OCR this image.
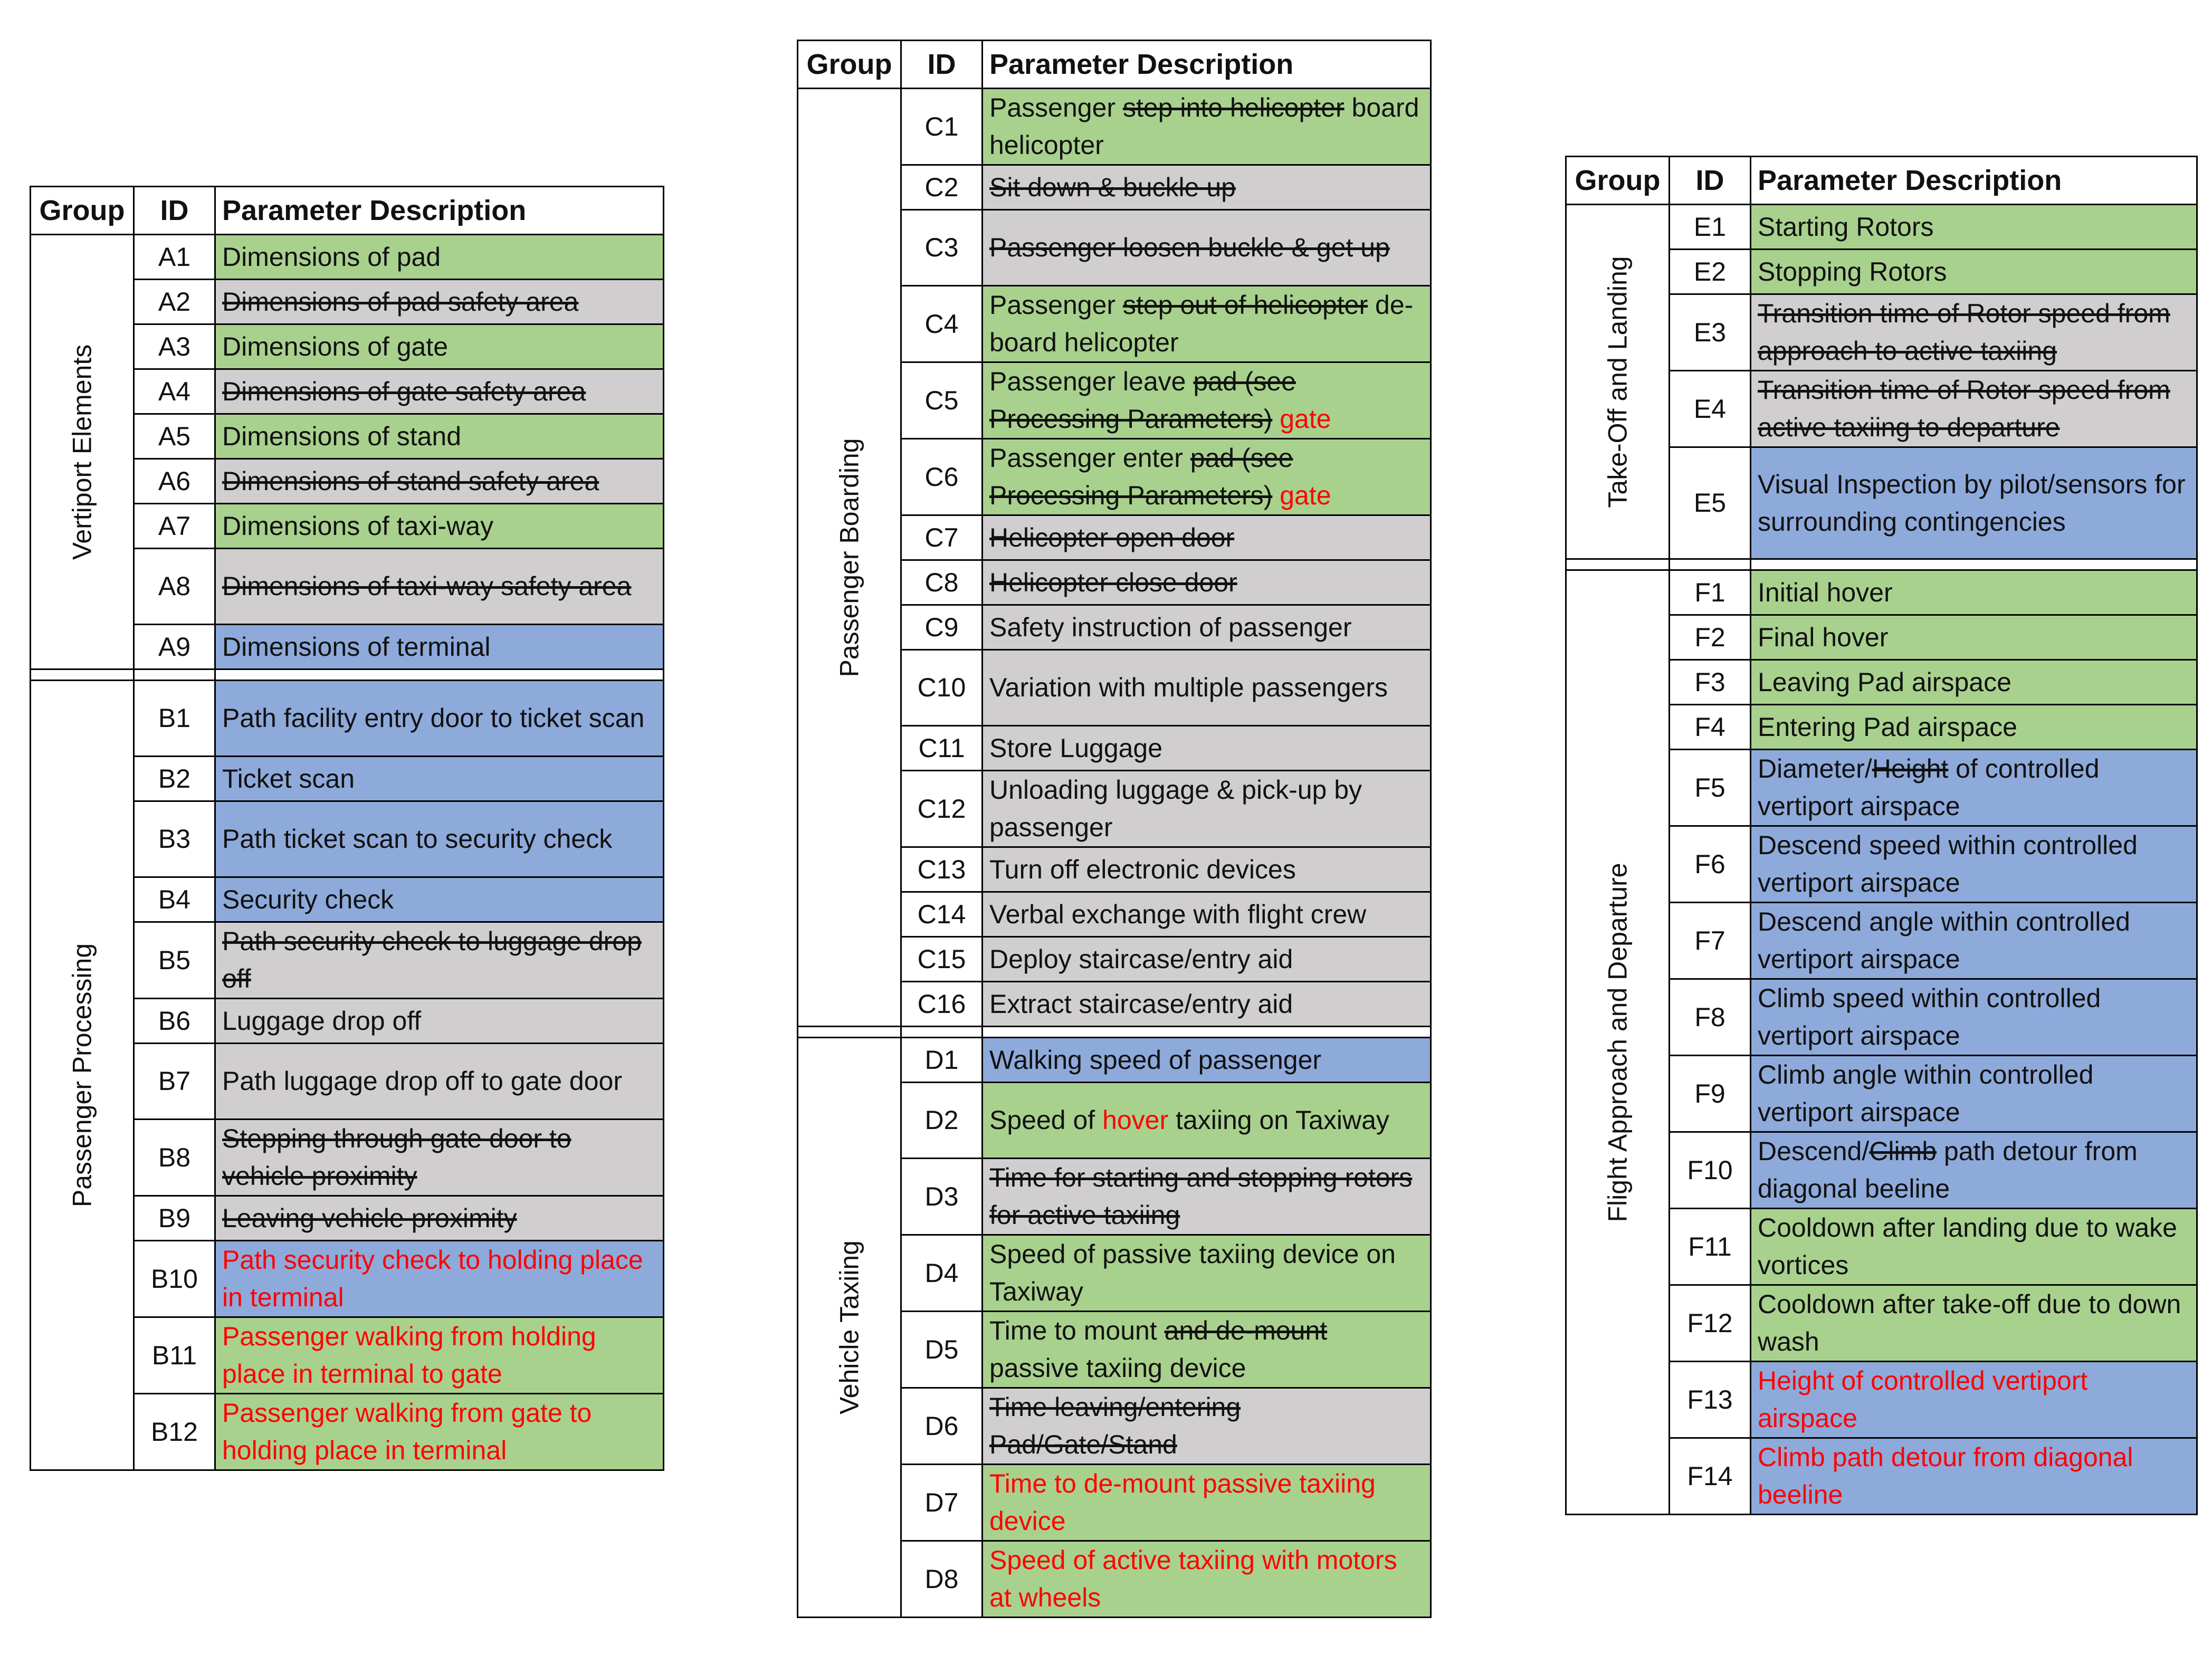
Group	ID	Parameter Description

Vertiport Elements	A1	Dimensions of pad
	A2	Dimensions of pad safety area
	A3	Dimensions of gate
	A4	Dimensions of gate safety area
	A5	Dimensions of stand
	A6	Dimensions of stand safety area
	A7	Dimensions of taxi-way
	A8	Dimensions of taxi-way safety area
	A9	Dimensions of terminal

Passenger Processing	B1	Path facility entry door to ticket scan
	B2	Ticket scan
	B3	Path ticket scan to security check
	B4	Security check
	B5	Path security check to luggage drop off
	B6	Luggage drop off
	B7	Path luggage drop off to gate door
	B8	Stepping through gate door to vehicle proximity
	B9	Leaving vehicle proximity
	B10	Path security check to holding place in terminal
	B11	Passenger walking from holding place in terminal to gate
	B12	Passenger walking from gate to holding place in terminal
Group	ID	Parameter Description

Passenger Boarding	C1	Passenger step into helicopter board helicopter
	C2	Sit down & buckle up
	C3	Passenger loosen buckle & get up
	C4	Passenger step out of helicopter de-board helicopter
	C5	Passenger leave pad (see Processing Parameters) gate
	C6	Passenger enter pad (see Processing Parameters) gate
	C7	Helicopter open door
	C8	Helicopter close door
	C9	Safety instruction of passenger
	C10	Variation with multiple passengers
	C11	Store Luggage
	C12	Unloading luggage & pick-up by passenger
	C13	Turn off electronic devices
	C14	Verbal exchange with flight crew
	C15	Deploy staircase/entry aid
	C16	Extract staircase/entry aid

Vehicle Taxiing	D1	Walking speed of passenger
	D2	Speed of hover taxiing on Taxiway
	D3	Time for starting and stopping rotors for active taxiing
	D4	Speed of passive taxiing device on Taxiway
	D5	Time to mount and de-mount passive taxiing device
	D6	Time leaving/entering Pad/Gate/Stand
	D7	Time to de-mount passive taxiing device
	D8	Speed of active taxiing with motors at wheels
Group	ID	Parameter Description

Take-Off and Landing	E1	Starting Rotors
	E2	Stopping Rotors
	E3	Transition time of Rotor speed from approach to active taxiing
	E4	Transition time of Rotor speed from active taxiing to departure
	E5	Visual Inspection by pilot/sensors for surrounding contingencies

Flight Approach and Departure	F1	Initial hover
	F2	Final hover
	F3	Leaving Pad airspace
	F4	Entering Pad airspace
	F5	Diameter/Height of controlled vertiport airspace
	F6	Descend speed within controlled vertiport airspace
	F7	Descend angle within controlled vertiport airspace
	F8	Climb speed within controlled vertiport airspace
	F9	Climb angle within controlled vertiport airspace
	F10	Descend/Climb path detour from diagonal beeline
	F11	Cooldown after landing due to wake vortices
	F12	Cooldown after take-off due to down wash
	F13	Height of controlled vertiport airspace
	F14	Climb path detour from diagonal beeline
